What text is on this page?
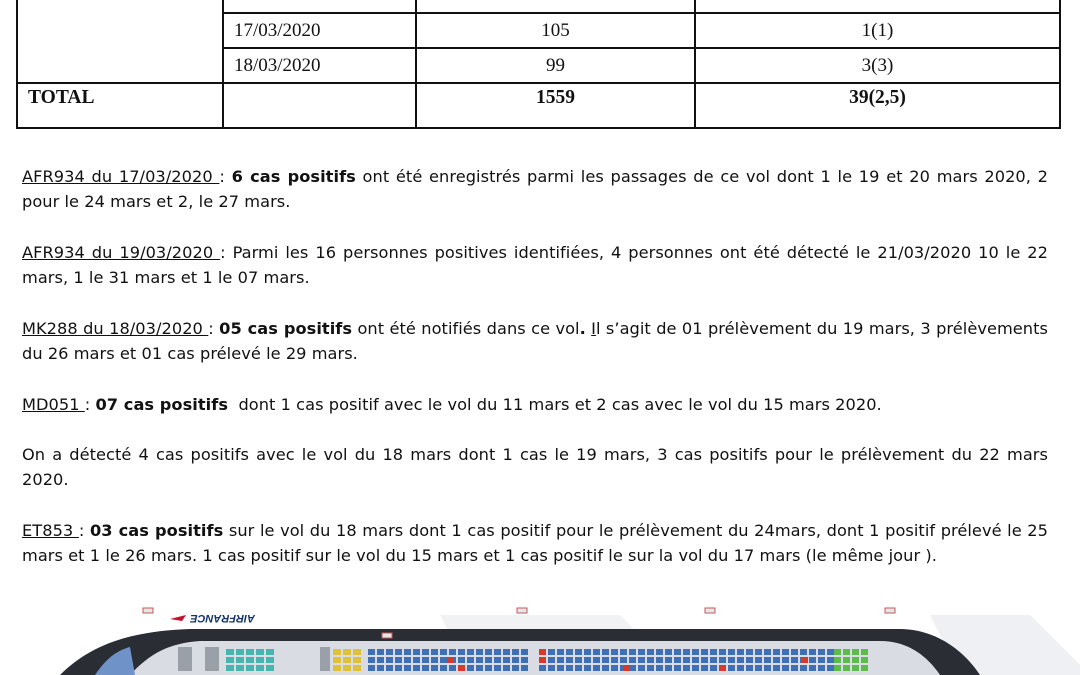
	17/03/2020	105	1(1)
	18/03/2020	99	3(3)
TOTAL		1559	39(2,5)

AFR934 du 17/03/2020 : 6 cas positifs ont été enregistrés parmi les passages de ce vol dont 1 le 19 et 20 mars 2020, 2 pour le 24 mars et 2, le 27 mars.

AFR934 du 19/03/2020 : Parmi les 16 personnes positives identifiées, 4 personnes ont été détecté le 21/03/2020 10 le 22 mars, 1 le 31 mars et 1 le 07 mars.

MK288 du 18/03/2020 : 05 cas positifs ont été notifiés dans ce vol. Il s’agit de 01 prélèvement du 19 mars, 3 prélèvements du 26 mars et 01 cas prélevé le 29 mars.

MD051 : 07 cas positifs  dont 1 cas positif avec le vol du 11 mars et 2 cas avec le vol du 15 mars 2020.

On a détecté 4 cas positifs avec le vol du 18 mars dont 1 cas le 19 mars, 3 cas positifs pour le prélèvement du 22 mars 2020.

ET853 : 03 cas positifs sur le vol du 18 mars dont 1 cas positif pour le prélèvement du 24mars, dont 1 positif prélevé le 25 mars et 1 le 26 mars. 1 cas positif sur le vol du 15 mars et 1 cas positif le sur la vol du 17 mars (le même jour ).

AIRFRANCE
